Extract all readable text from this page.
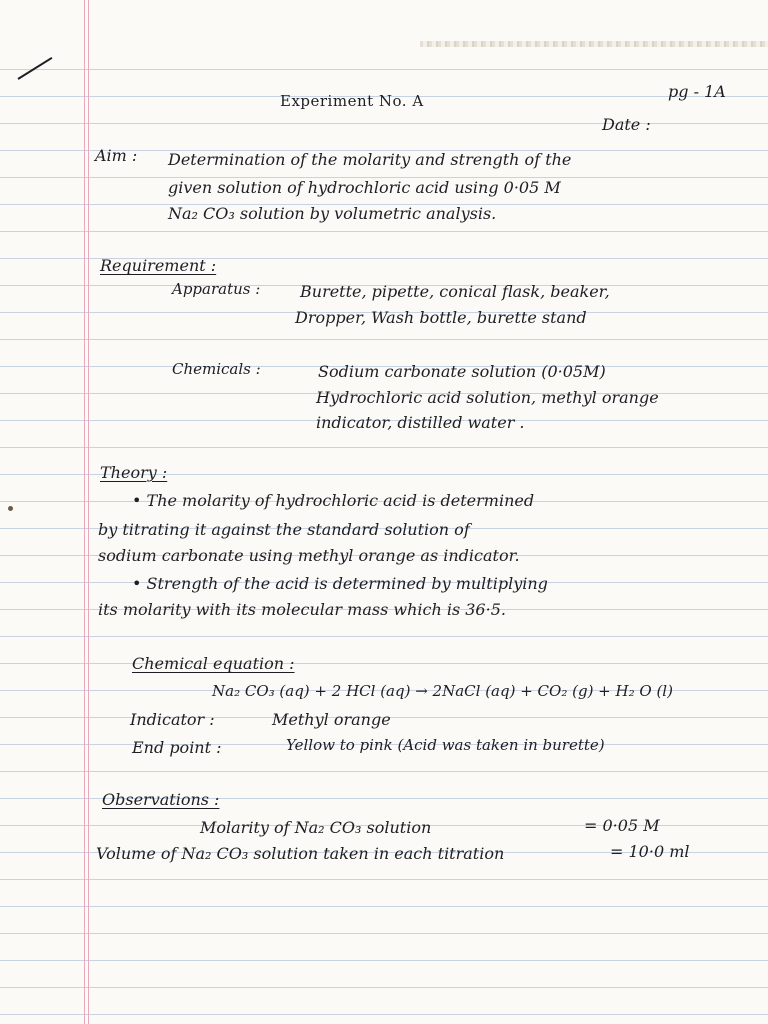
Experiment No. A	pg - 1A
Date :
Aim : Determination of the molarity and strength of the
given solution of hydrochloric acid using 0·05 M
Na₂ CO₃ solution by volumetric analysis.
Requirement :
Apparatus : Burette, pipette, conical flask, beaker,
Dropper, Wash bottle, burette stand
Chemicals :	Sodium carbonate solution (0·05M)
Hydrochloric acid solution, methyl orange
indicator, distilled water .
Theory :
• The molarity of hydrochloric acid is determined
by titrating it against the standard solution of
sodium carbonate using methyl orange as indicator.
• Strength of the acid is determined by multiplying
its molarity with its molecular mass which is 36·5.
Chemical equation :
Na₂ CO₃ (aq) + 2 HCl (aq) → 2NaCl (aq) + CO₂ (g) + H₂ O (l)
Indicator :	Methyl orange
End point :	Yellow to pink (Acid was taken in burette)
Observations :
Molarity of Na₂ CO₃ solution	= 0·05 M
Volume of Na₂ CO₃ solution taken in each titration	= 10·0 ml
